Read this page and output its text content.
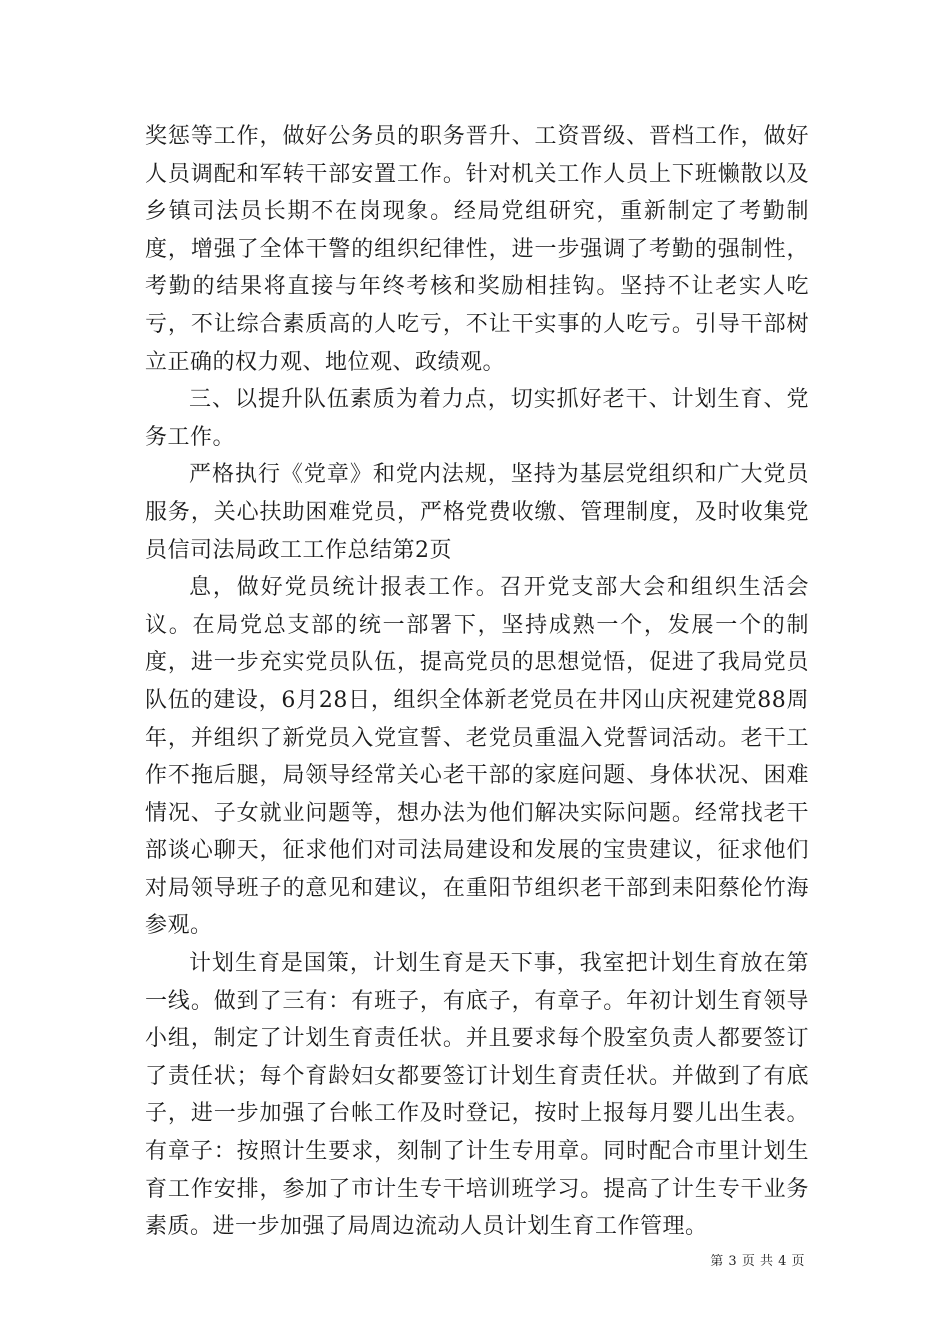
奖惩等工作，做好公务员的职务晋升、工资晋级、晋档工作，做好人员调配和军转干部安置工作。针对机关工作人员上下班懒散以及乡镇司法员长期不在岗现象。经局党组研究，重新制定了考勤制度，增强了全体干警的组织纪律性，进一步强调了考勤的强制性，考勤的结果将直接与年终考核和奖励相挂钩。坚持不让老实人吃亏，不让综合素质高的人吃亏，不让干实事的人吃亏。引导干部树立正确的权力观、地位观、政绩观。

三、以提升队伍素质为着力点，切实抓好老干、计划生育、党务工作。

严格执行《党章》和党内法规，坚持为基层党组织和广大党员服务，关心扶助困难党员，严格党费收缴、管理制度，及时收集党员信司法局政工工作总结第2页

息，做好党员统计报表工作。召开党支部大会和组织生活会议。在局党总支部的统一部署下，坚持成熟一个，发展一个的制度，进一步充实党员队伍，提高党员的思想觉悟，促进了我局党员队伍的建设，6月28日，组织全体新老党员在井冈山庆祝建党88周年，并组织了新党员入党宣誓、老党员重温入党誓词活动。老干工作不拖后腿，局领导经常关心老干部的家庭问题、身体状况、困难情况、子女就业问题等，想办法为他们解决实际问题。经常找老干部谈心聊天，征求他们对司法局建设和发展的宝贵建议，征求他们对局领导班子的意见和建议，在重阳节组织老干部到耒阳蔡伦竹海参观。

计划生育是国策，计划生育是天下事，我室把计划生育放在第一线。做到了三有：有班子，有底子，有章子。年初计划生育领导小组，制定了计划生育责任状。并且要求每个股室负责人都要签订了责任状；每个育龄妇女都要签订计划生育责任状。并做到了有底子，进一步加强了台帐工作及时登记，按时上报每月婴儿出生表。有章子：按照计生要求，刻制了计生专用章。同时配合市里计划生育工作安排，参加了市计生专干培训班学习。提高了计生专干业务素质。进一步加强了局周边流动人员计划生育工作管理。

第 3 页 共 4 页
